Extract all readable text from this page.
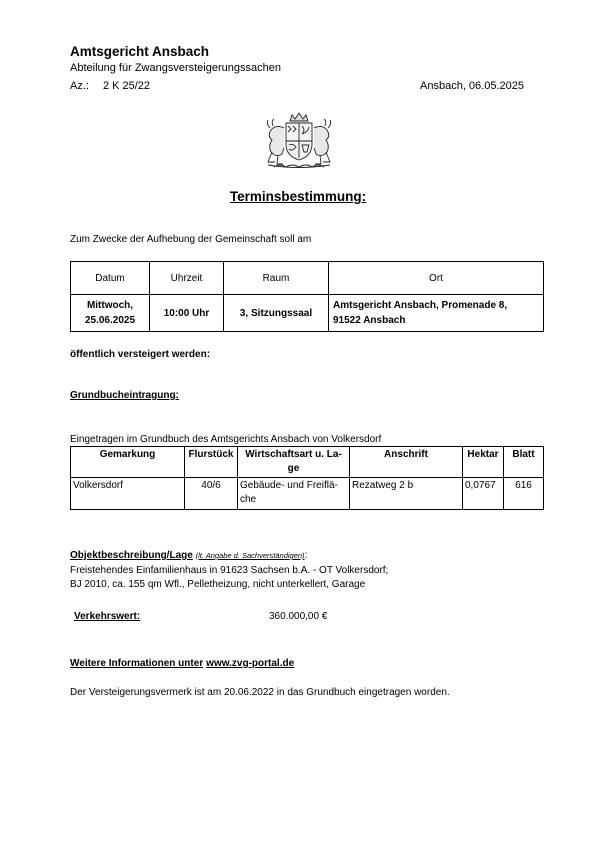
Amtsgericht Ansbach
Abteilung für Zwangsversteigerungssachen
Az.: 2 K 25/22	Ansbach, 06.05.2025
Terminsbestimmung:
Zum Zwecke der Aufhebung der Gemeinschaft soll am
Datum	Uhrzeit	Raum	Ort
Mittwoch,
25.06.2025	10:00 Uhr	3, Sitzungssaal	Amtsgericht Ansbach, Promenade 8,
91522 Ansbach
öffentlich versteigert werden:
Grundbucheintragung:
Eingetragen im Grundbuch des Amtsgerichts Ansbach von Volkersdorf
Gemarkung	Flurstück	Wirtschaftsart u. La-ge	Anschrift	Hektar	Blatt
Volkersdorf	40/6	Gebäude- und Freiflä-che	Rezatweg 2 b	0,0767	616
Objektbeschreibung/Lage (lt. Angabe d. Sachverständigen):
Freistehendes Einfamilienhaus in 91623 Sachsen b.A. - OT Volkersdorf;
BJ 2010, ca. 155 qm Wfl., Pelletheizung, nicht unterkellert, Garage
Verkehrswert:	360.000,00 €
Weitere Informationen unter www.zvg-portal.de
Der Versteigerungsvermerk ist am 20.06.2022 in das Grundbuch eingetragen worden.
